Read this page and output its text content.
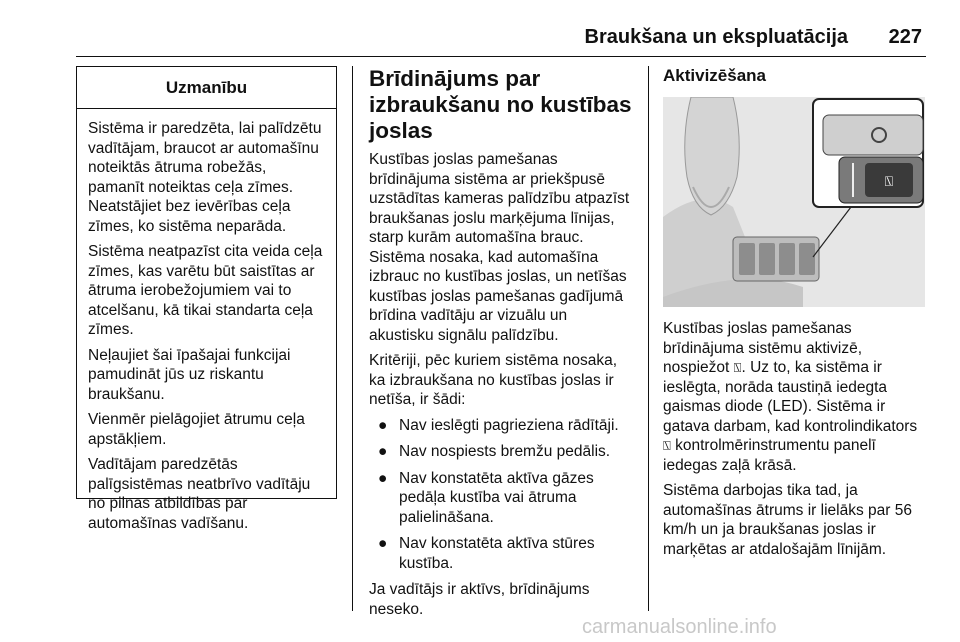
Braukšana un ekspluatācija 227
Uzmanību

Sistēma ir paredzēta, lai palīdzētu vadītājam, braucot ar automašīnu noteiktās ātruma robežās, pamanīt noteiktas ceļa zīmes. Neatstājiet bez ievērības ceļa zīmes, ko sistēma neparāda.

Sistēma neatpazīst cita veida ceļa zīmes, kas varētu būt saistītas ar ātruma ierobežojumiem vai to atcelšanu, kā tikai standarta ceļa zīmes.

Neļaujiet šai īpašajai funkcijai pamudināt jūs uz riskantu braukšanu.

Vienmēr pielāgojiet ātrumu ceļa apstākļiem.

Vadītājam paredzētās palīgsistēmas neatbrīvo vadītāju no pilnas atbildības par automašīnas vadīšanu.

Brīdinājums par izbraukšanu no kustības joslas

Kustības joslas pamešanas brīdinājuma sistēma ar priekšpusē uzstādītas kameras palīdzību atpazīst braukšanas joslu marķējuma līnijas, starp kurām automašīna brauc. Sistēma nosaka, kad automašīna izbrauc no kustības joslas, un netīšas kustības joslas pamešanas gadījumā brīdina vadītāju ar vizuālu un akustisku signālu palīdzību.

Kritēriji, pēc kuriem sistēma nosaka, ka izbraukšana no kustības joslas ir netīša, ir šādi:

● Nav ieslēgti pagrieziena rādītāji.
● Nav nospiests bremžu pedālis.
● Nav konstatēta aktīva gāzes pedāļa kustība vai ātruma palielināšana.
● Nav konstatēta aktīva stūres kustība.

Ja vadītājs ir aktīvs, brīdinājums neseko.

Aktivizēšana
⍂

Kustības joslas pamešanas brīdinājuma sistēmu aktivizē, nospiežot ⍂. Uz to, ka sistēma ir ieslēgta, norāda taustiņā iedegta gaismas diode (LED). Sistēma ir gatava darbam, kad kontrolindikators ⍂ kontrolmērinstrumentu panelī iedegas zaļā krāsā.

Sistēma darbojas tika tad, ja automašīnas ātrums ir lielāks par 56 km/h un ja braukšanas joslas ir marķētas ar atdalošajām līnijām.

carmanualsonline.info
